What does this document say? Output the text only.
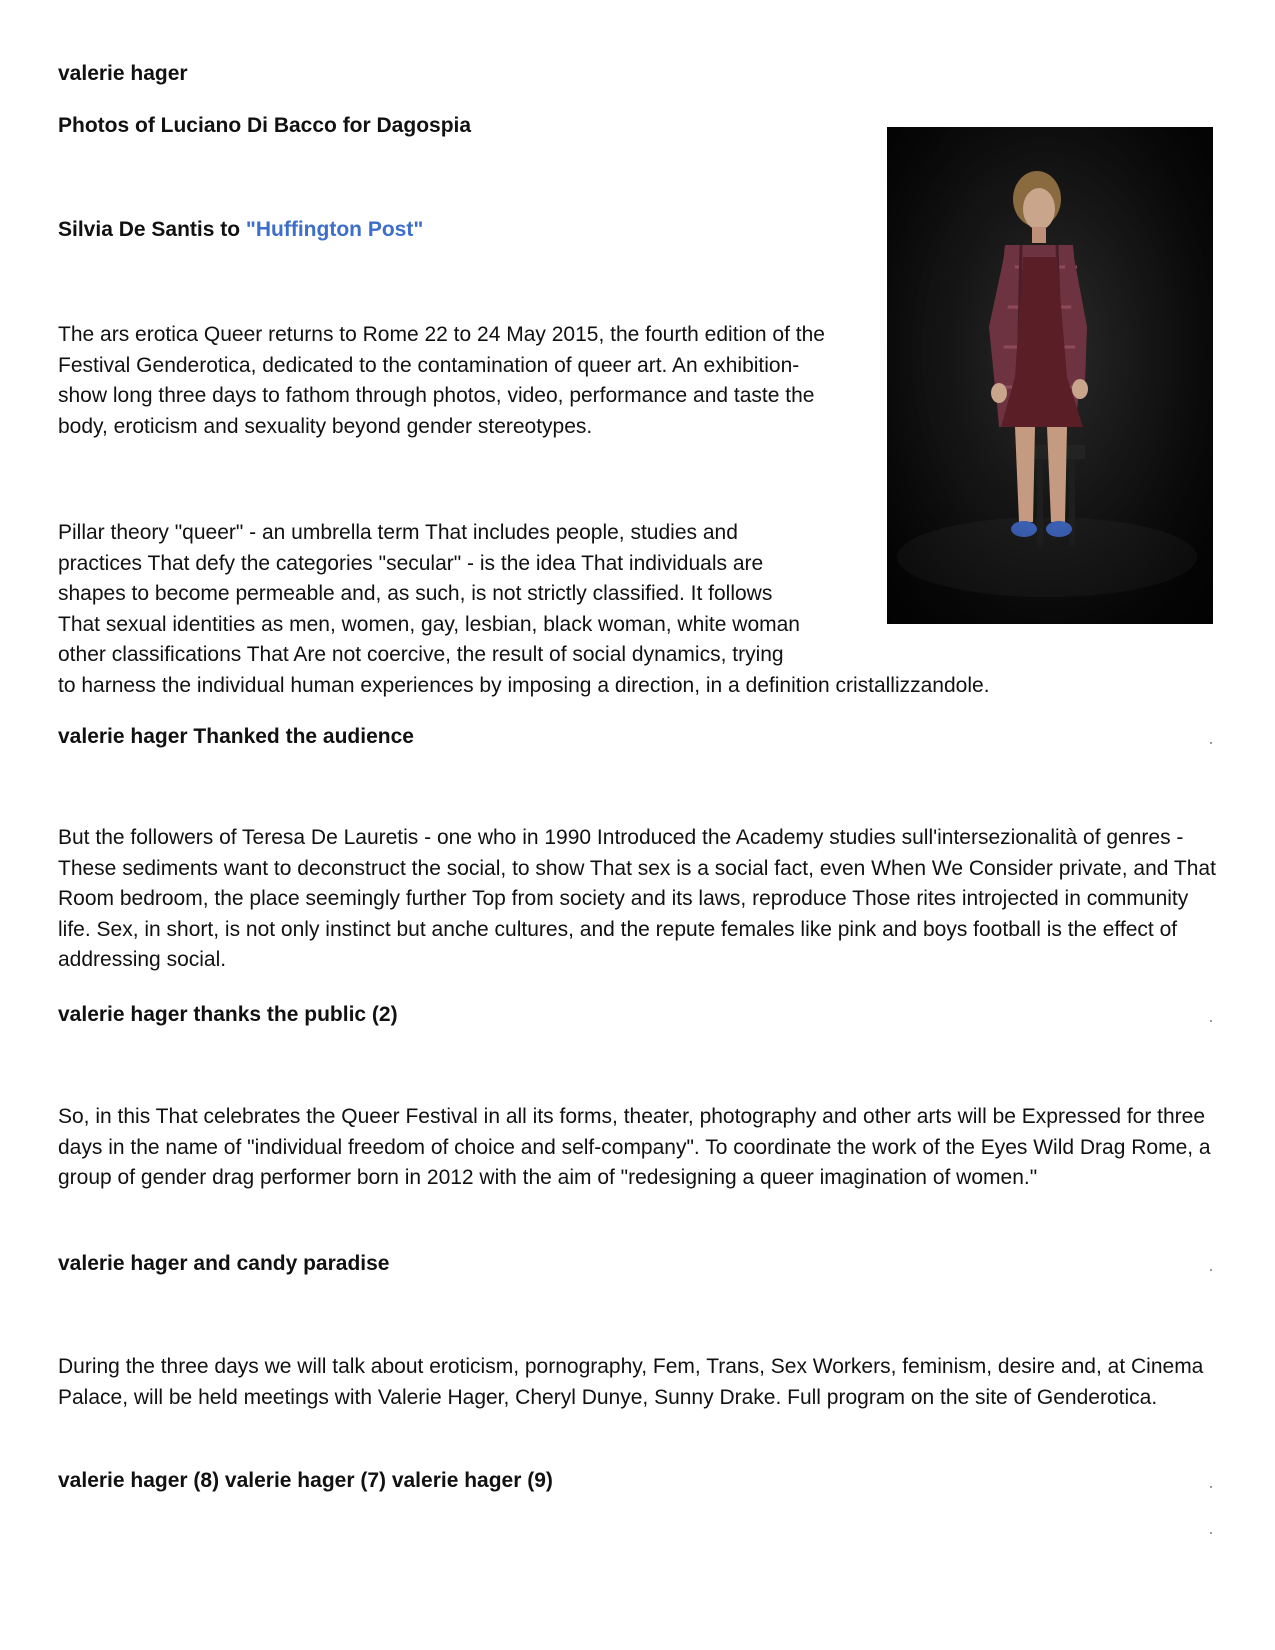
valerie hager
Photos of Luciano Di Bacco for Dagospia
Silvia De Santis to "Huffington Post"
The ars erotica Queer returns to Rome 22 to 24 May 2015, the fourth edition of the Festival Genderotica, dedicated to the contamination of queer art. An exhibition-show long three days to fathom through photos, video, performance and taste the body, eroticism and sexuality beyond gender stereotypes.
Pillar theory "queer" - an umbrella term That includes people, studies and
practices That defy the categories "secular" - is the idea That individuals are
shapes to become permeable and, as such, is not strictly classified. It follows
That sexual identities as men, women, gay, lesbian, black woman, white woman
other classifications That Are not coercive, the result of social dynamics, trying
to harness the individual human experiences by imposing a direction, in a definition cristallizzandole.
valerie hager Thanked the audience
But the followers of Teresa De Lauretis - one who in 1990 Introduced the Academy studies sull'intersezionalità of genres - These sediments want to deconstruct the social, to show That sex is a social fact, even When We Consider private, and That Room bedroom, the place seemingly further Top from society and its laws, reproduce Those rites introjected in community life. Sex, in short, is not only instinct but anche cultures, and the repute females like pink and boys football is the effect of addressing social.
valerie hager thanks the public (2)
So, in this That celebrates the Queer Festival in all its forms, theater, photography and other arts will be Expressed for three days in the name of "individual freedom of choice and self-company". To coordinate the work of the Eyes Wild Drag Rome, a group of gender drag performer born in 2012 with the aim of "redesigning a queer imagination of women."
valerie hager and candy paradise
During the three days we will talk about eroticism, pornography, Fem, Trans, Sex Workers, feminism, desire and, at Cinema Palace, will be held meetings with Valerie Hager, Cheryl Dunye, Sunny Drake. Full program on the site of Genderotica.
valerie hager (8) valerie hager (7) valerie hager (9)
